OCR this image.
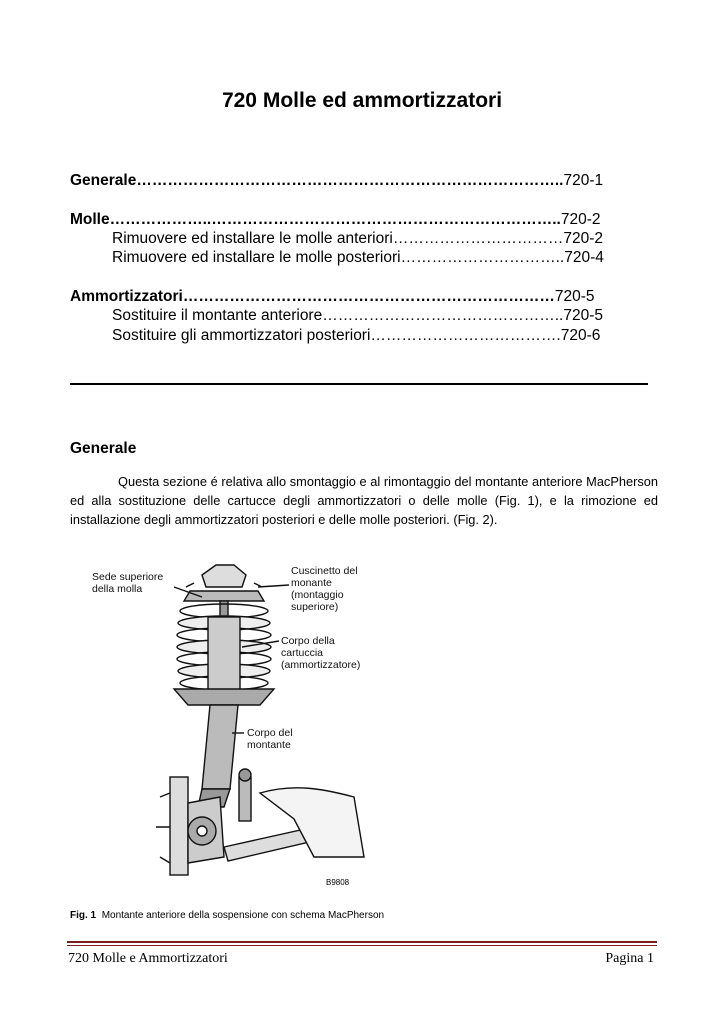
720 Molle ed ammortizzatori
Generale………………………………………………………………………..720-1
Molle………………..…………………………………………………………..720-2
Rimuovere ed installare le molle anteriori……………………………720-2
Rimuovere ed installare le molle posteriori…………………………..720-4
Ammortizzatori………………………………………………………………720-5
Sostituire il montante anteriore………………………………………..720-5
Sostituire gli ammortizzatori posteriori……………………………….720-6
Generale
Questa sezione é relativa allo smontaggio e al rimontaggio del montante anteriore MacPherson ed alla sostituzione delle cartucce degli ammortizzatori o delle molle (Fig. 1), e la rimozione ed installazione degli ammortizzatori posteriori e delle molle posteriori. (Fig. 2).
Sede superiore
della molla
Cuscinetto del
monante
(montaggio
superiore)
Corpo della
cartuccia
(ammortizzatore)
Corpo del
montante
B9808
Fig. 1 Montante anteriore della sospensione con schema MacPherson
720 Molle e Ammortizzatori	Pagina 1
